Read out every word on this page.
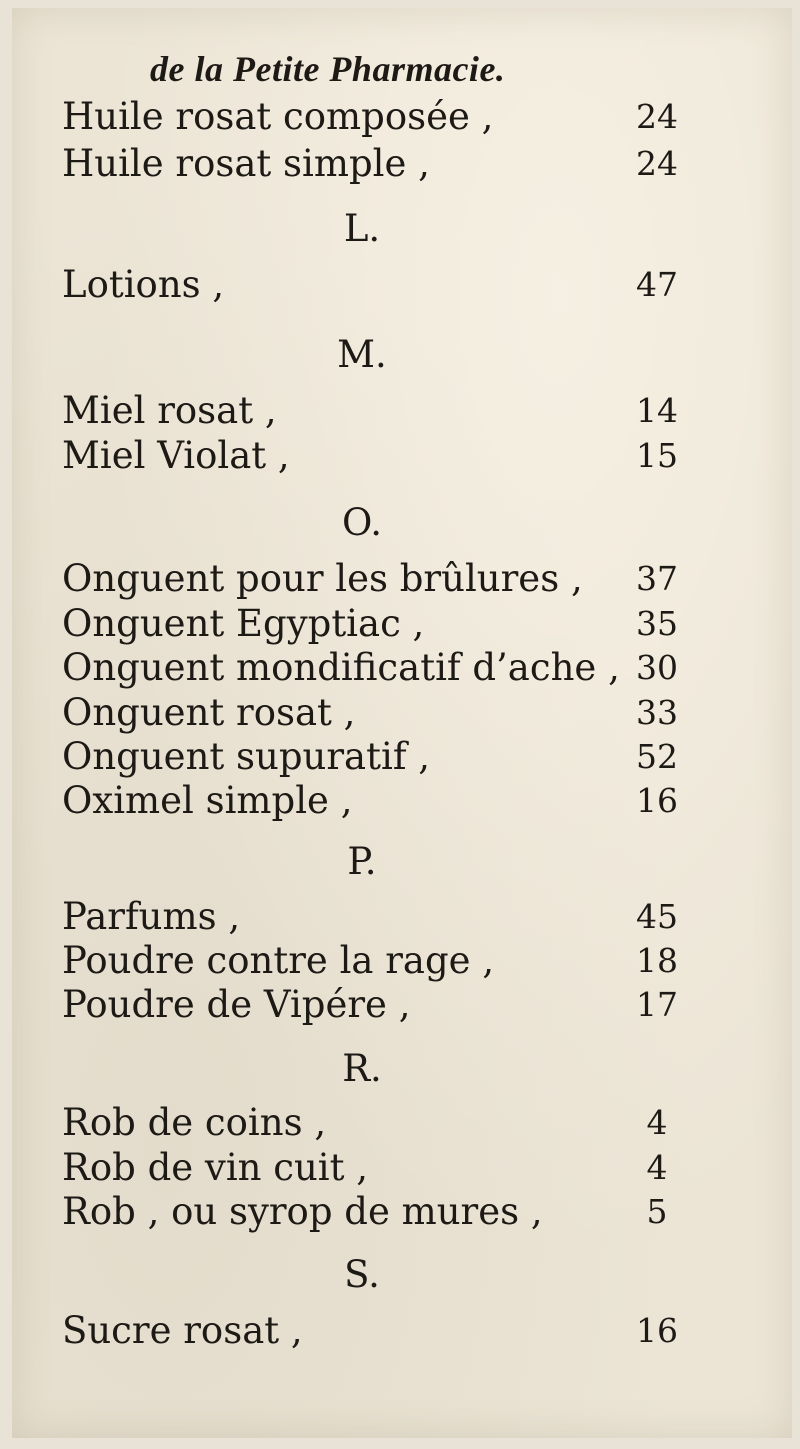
de la Petite Pharmacie.
Huile rosat composée ,	24
Huile rosat simple ,	24
L.
Lotions ,	47
M.
Miel rosat ,	14
Miel Violat ,	15
O.
Onguent pour les brûlures ,	37
Onguent Egyptiac ,	35
Onguent mondificatif d’ache , 30
Onguent rosat ,	33
Onguent supuratif ,	52
Oximel simple ,	16
P.
Parfums ,	45
Poudre contre la rage ,	18
Poudre de Vipére ,	17
R.
Rob de coins ,	4
Rob de vin cuit ,	4
Rob , ou syrop de mures ,	5
S.
Sucre rosat ,	16
